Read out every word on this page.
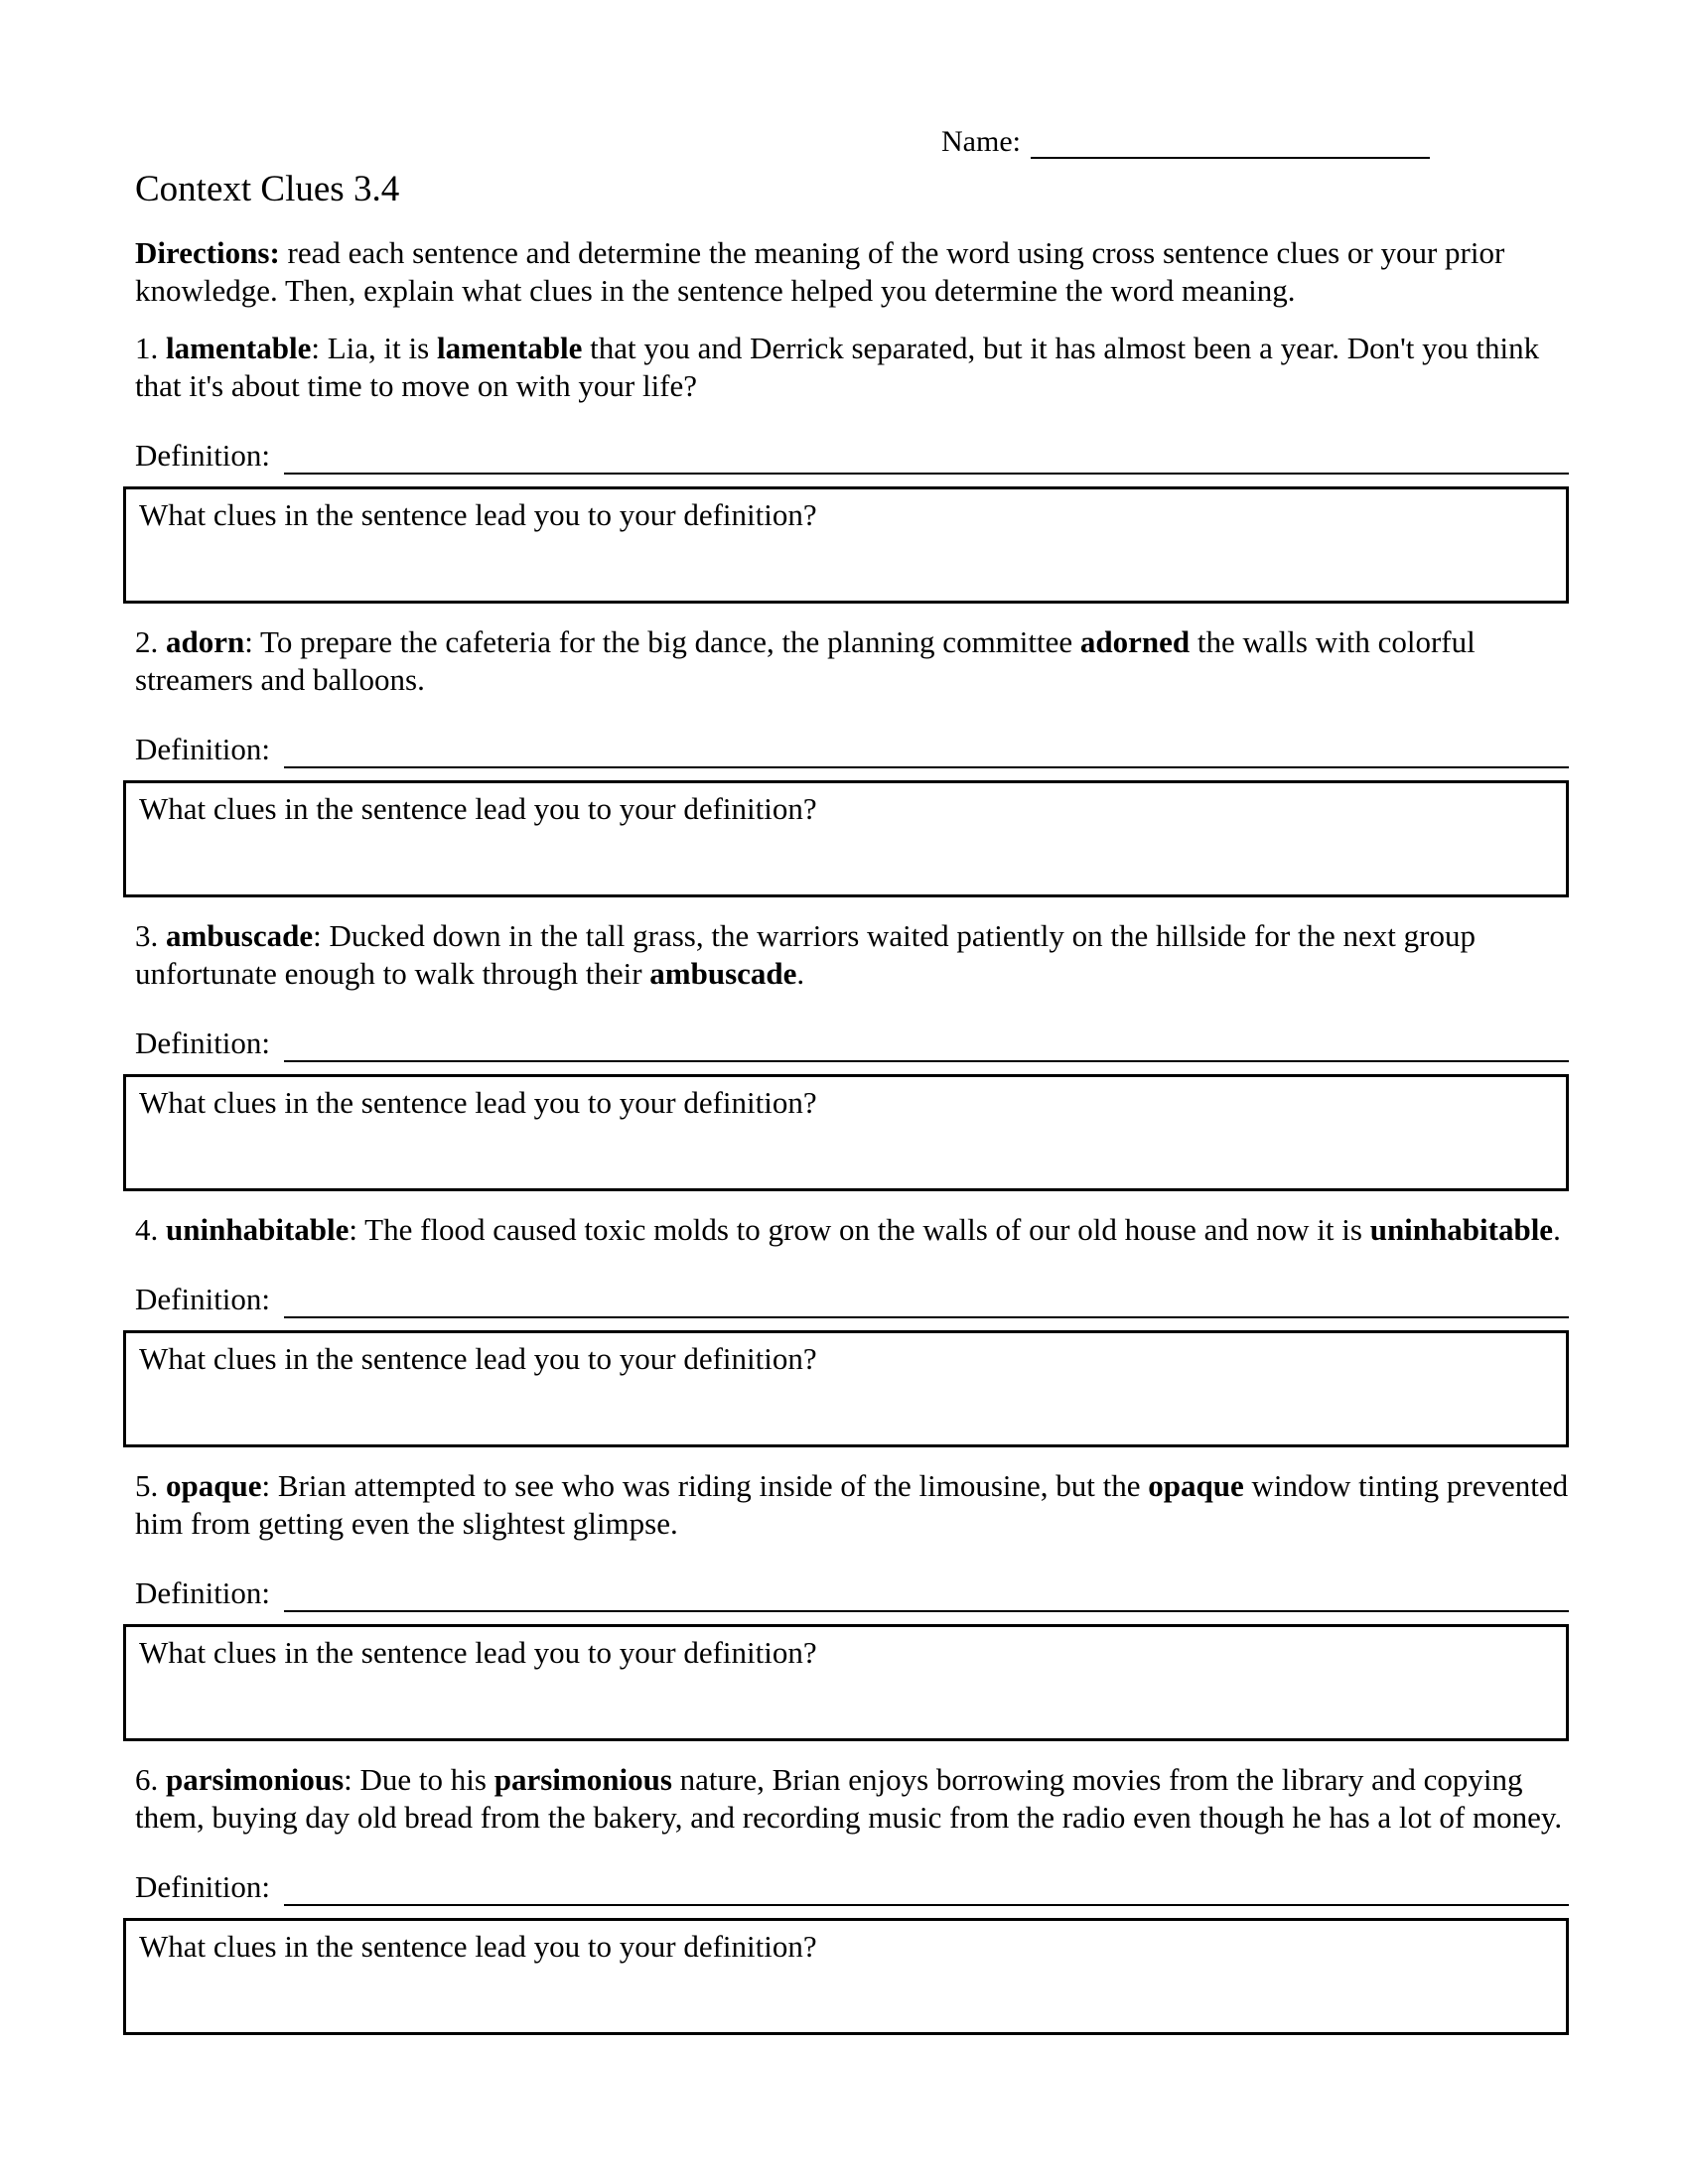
Name:
Context Clues 3.4

Directions: read each sentence and determine the meaning of the word using cross sentence clues or your prior knowledge. Then, explain what clues in the sentence helped you determine the word meaning.

1. lamentable: Lia, it is lamentable that you and Derrick separated, but it has almost been a year. Don't you think that it's about time to move on with your life?

Definition:
What clues in the sentence lead you to your definition?

2. adorn: To prepare the cafeteria for the big dance, the planning committee adorned the walls with colorful streamers and balloons.

Definition:
What clues in the sentence lead you to your definition?

3. ambuscade: Ducked down in the tall grass, the warriors waited patiently on the hillside for the next group unfortunate enough to walk through their ambuscade.

Definition:
What clues in the sentence lead you to your definition?

4. uninhabitable: The flood caused toxic molds to grow on the walls of our old house and now it is uninhabitable.

Definition:
What clues in the sentence lead you to your definition?

5. opaque: Brian attempted to see who was riding inside of the limousine, but the opaque window tinting prevented him from getting even the slightest glimpse.

Definition:
What clues in the sentence lead you to your definition?

6. parsimonious: Due to his parsimonious nature, Brian enjoys borrowing movies from the library and copying them, buying day old bread from the bakery, and recording music from the radio even though he has a lot of money.

Definition:
What clues in the sentence lead you to your definition?
